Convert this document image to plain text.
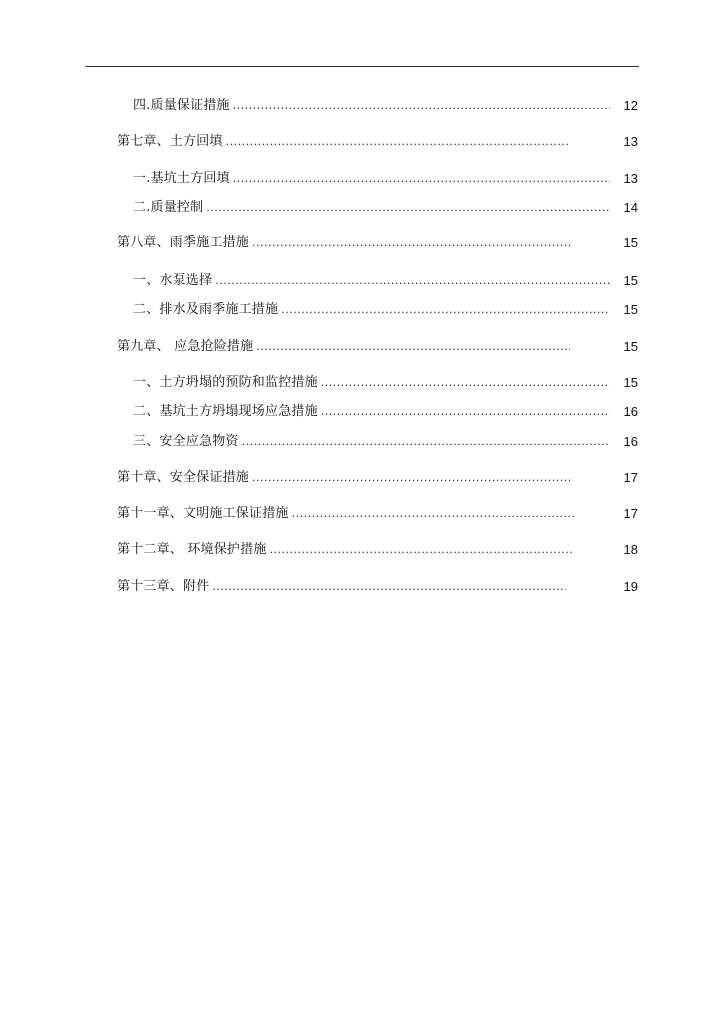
四.质量保证措施 .....	12
第七章、土方回填 .....	13
一.基坑土方回填 .....	13
二.质量控制 .....	14
第八章、雨季施工措施 .....	15
一、水泵选择 .....	15
二、排水及雨季施工措施 .....	15
第九章、 应急抢险措施 .....	15
一、土方坍塌的预防和监控措施 .....	15
二、基坑土方坍塌现场应急措施 .....	16
三、安全应急物资 .....	16
第十章、安全保证措施 .....	17
第十一章、文明施工保证措施 .....	17
第十二章、 环境保护措施 .....	18
第十三章、附件 .....	19
